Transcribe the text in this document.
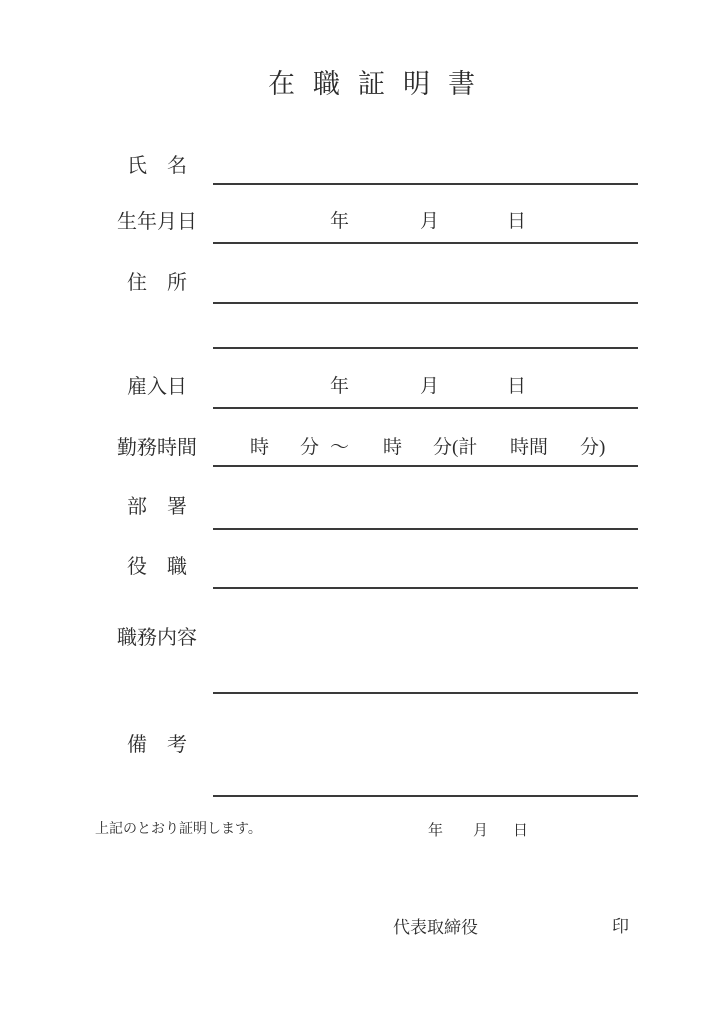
在職証明書
氏　名
生年月日	年	月	日
住　所
雇入日	年	月	日
勤務時間	時 分 ～ 時 分(計 時間 分)
部　署
役　職
職務内容
備　考
上記のとおり証明します。	年 月 日
代表取締役	印
